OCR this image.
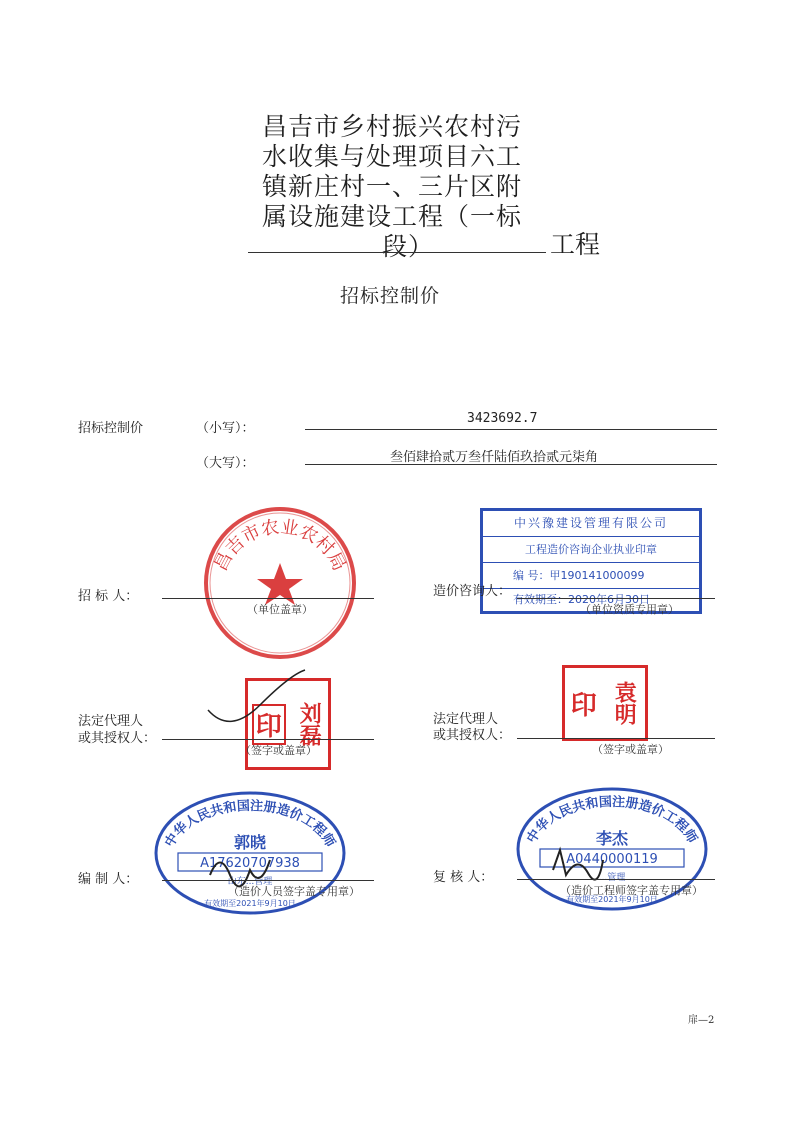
昌吉市乡村振兴农村污
水收集与处理项目六工
镇新庄村一、三片区附
属设施建设工程（一标
段）	工程
招标控制价
招标控制价	（小写）：
3423692.7
（大写）：	叁佰肆拾贰万叁仟陆佰玖拾贰元柒角
昌吉市农业农村局
招 标 人：
（单位盖章）
中兴豫建设管理有限公司
工程造价咨询企业执业印章
编 号：甲190141000099
有效期至：2020年6月30日
造价咨询人：
（单位资质专用章）
刘磊
印
法定代理人
或其授权人：
（签字或盖章）
袁明
印
法定代理人
或其授权人：
（签字或盖章）
中华人民共和国注册造价工程师
郭晓
A17620707938
山东...管理
有效期至2021年9月10日
编 制 人：
（造价人员签字盖专用章）
中华人民共和国注册造价工程师
李杰
A0440000119
...管理
有效期至2021年9月10日
复 核 人：
（造价工程师签字盖专用章）
扉—2
